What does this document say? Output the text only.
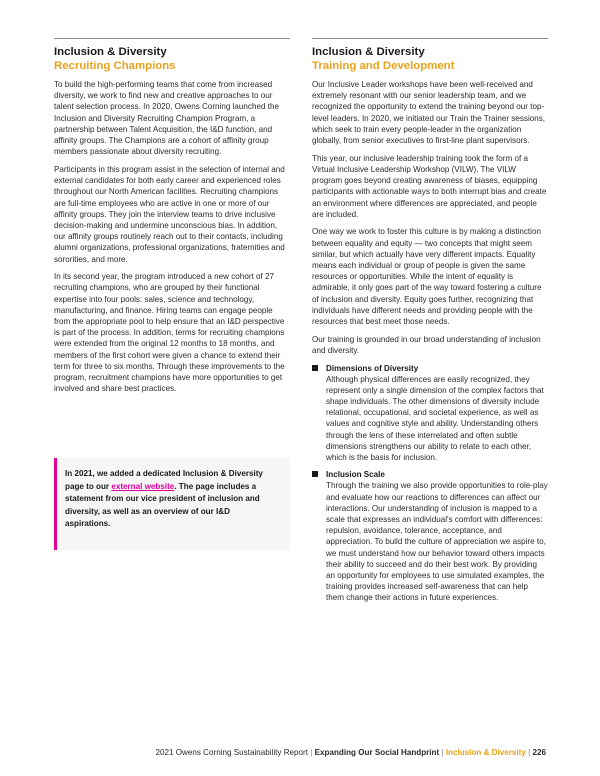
Inclusion & Diversity
Recruiting Champions

To build the high-performing teams that come from increased diversity, we work to find new and creative approaches to our talent selection process. In 2020, Owens Corning launched the Inclusion and Diversity Recruiting Champion Program, a partnership between Talent Acquisition, the I&D function, and affinity groups. The Champions are a cohort of affinity group members passionate about diversity recruiting.

Participants in this program assist in the selection of internal and external candidates for both early career and experienced roles throughout our North American facilities. Recruiting champions are full-time employees who are active in one or more of our affinity groups. They join the interview teams to drive inclusive decision-making and undermine unconscious bias. In addition, our affinity groups routinely reach out to their contacts, including alumni organizations, professional organizations, fraternities and sororities, and more.

In its second year, the program introduced a new cohort of 27 recruiting champions, who are grouped by their functional expertise into four pools: sales, science and technology, manufacturing, and finance. Hiring teams can engage people from the appropriate pool to help ensure that an I&D perspective is part of the process. In addition, terms for recruiting champions were extended from the original 12 months to 18 months, and members of the first cohort were given a chance to extend their term for three to six months. Through these improvements to the program, recruitment champions have more opportunities to get involved and share best practices.

In 2021, we added a dedicated Inclusion & Diversity page to our external website. The page includes a statement from our vice president of inclusion and diversity, as well as an overview of our I&D aspirations.

Inclusion & Diversity
Training and Development

Our Inclusive Leader workshops have been well-received and extremely resonant with our senior leadership team, and we recognized the opportunity to extend the training beyond our top-level leaders. In 2020, we initiated our Train the Trainer sessions, which seek to train every people-leader in the organization globally, from senior executives to first-line plant supervisors.

This year, our inclusive leadership training took the form of a Virtual Inclusive Leadership Workshop (VILW). The VILW program goes beyond creating awareness of biases, equipping participants with actionable ways to both interrupt bias and create an environment where differences are appreciated, and people are included.

One way we work to foster this culture is by making a distinction between equality and equity — two concepts that might seem similar, but which actually have very different impacts. Equality means each individual or group of people is given the same resources or opportunities. While the intent of equality is admirable, it only goes part of the way toward fostering a culture of inclusion and diversity. Equity goes further, recognizing that individuals have different needs and providing people with the resources that best meet those needs.

Our training is grounded in our broad understanding of inclusion and diversity.

Dimensions of Diversity

Although physical differences are easily recognized, they represent only a single dimension of the complex factors that shape individuals. The other dimensions of diversity include relational, occupational, and societal experience, as well as values and cognitive style and ability. Understanding others through the lens of these interrelated and often subtle dimensions strengthens our ability to relate to each other, which is the basis for inclusion.

Inclusion Scale

Through the training we also provide opportunities to role-play and evaluate how our reactions to differences can affect our interactions. Our understanding of inclusion is mapped to a scale that expresses an individual's comfort with differences: repulsion, avoidance, tolerance, acceptance, and appreciation. To build the culture of appreciation we aspire to, we must understand how our behavior toward others impacts their ability to succeed and do their best work. By providing an opportunity for employees to use simulated examples, the training provides increased self-awareness that can help them change their actions in future experiences.

2021 Owens Corning Sustainability Report | Expanding Our Social Handprint | Inclusion & Diversity | 226
